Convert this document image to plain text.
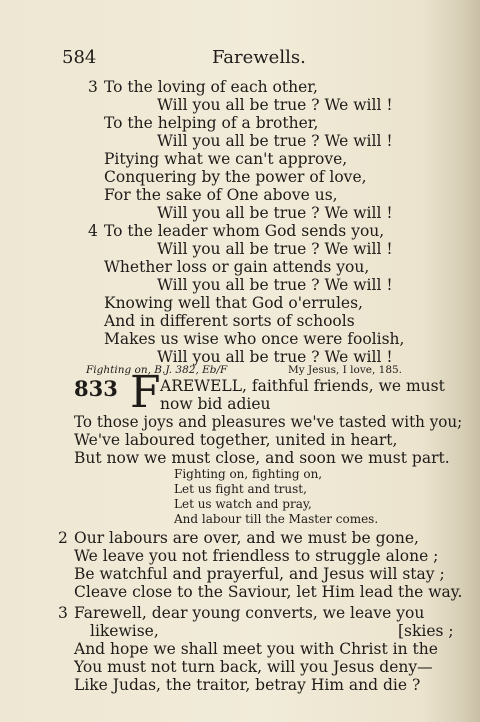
584	Farewells.
3 To the loving of each other,
Will you all be true ? We will !
To the helping of a brother,
Will you all be true ? We will !
Pitying what we can't approve,
Conquering by the power of love,
For the sake of One above us,
Will you all be true ? We will !
4 To the leader whom God sends you,
Will you all be true ? We will !
Whether loss or gain attends you,
Will you all be true ? We will !
Knowing well that God o'errules,
And in different sorts of schools
Makes us wise who once were foolish,
Will you all be true ? We will !
Fighting on, B.J. 382, Eb/F	My Jesus, I love, 185.
833 F AREWELL, faithful friends, we must
now bid adieu
To those joys and pleasures we've tasted with you;
We've laboured together, united in heart,
But now we must close, and soon we must part.
Fighting on, fighting on,
Let us fight and trust,
Let us watch and pray,
And labour till the Master comes.
2 Our labours are over, and we must be gone,
We leave you not friendless to struggle alone ;
Be watchful and prayerful, and Jesus will stay ;
Cleave close to the Saviour, let Him lead the way.
3 Farewell, dear young converts, we leave you
likewise,	[skies ;
And hope we shall meet you with Christ in the
You must not turn back, will you Jesus deny—
Like Judas, the traitor, betray Him and die ?
